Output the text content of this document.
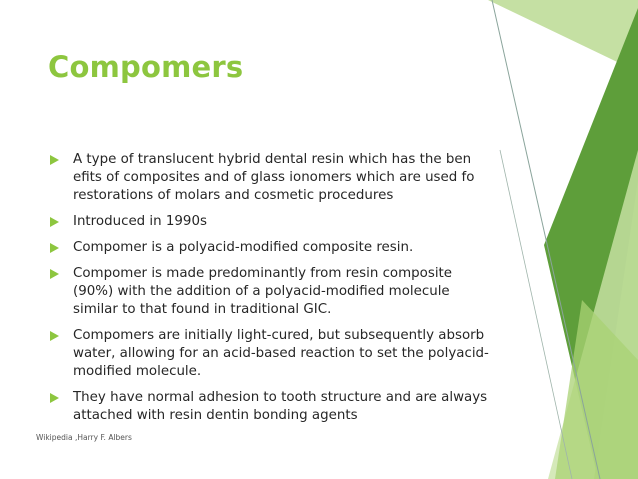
Compomers
A type of translucent hybrid dental resin which has the ben efits of composites and of glass ionomers which are used fo restorations of molars and cosmetic procedures
Introduced in 1990s
Compomer is a polyacid-modified composite resin.
Compomer is made predominantly from resin composite (90%) with the addition of a polyacid-modified molecule similar to that found in traditional GIC.
Compomers are initially light-cured, but subsequently absorb water, allowing for an acid-based reaction to set the polyacid-modified molecule.
They have normal adhesion to tooth structure and are always attached with resin dentin bonding agents
Wikipedia ,Harry F. Albers
